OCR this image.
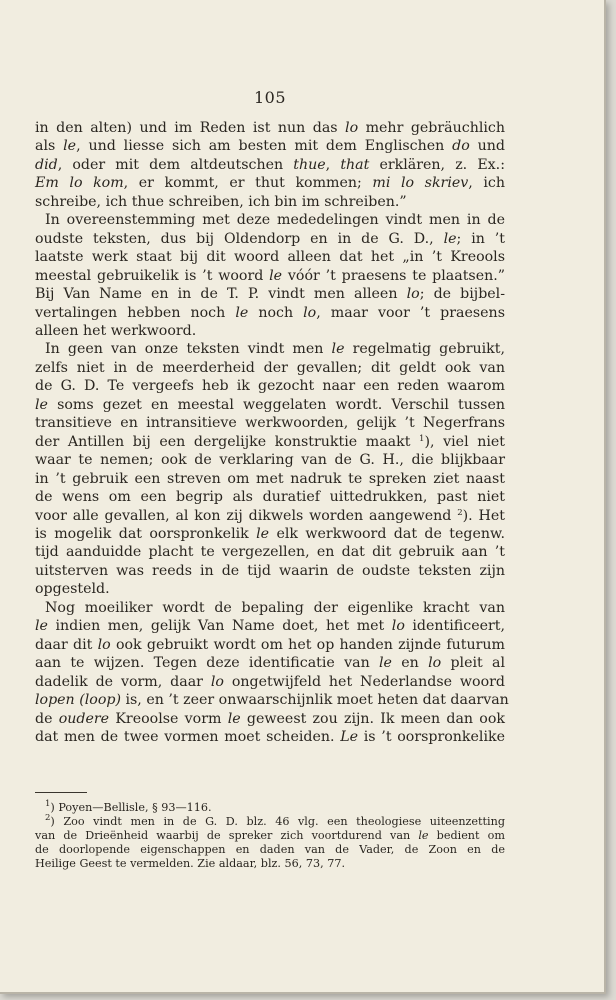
105
in den alten) und im Reden ist nun das lo mehr gebräuchlich
als le, und liesse sich am besten mit dem Englischen do und
did, oder mit dem altdeutschen thue, that erklären, z. Ex.:
Em lo kom, er kommt, er thut kommen; mi lo skriev, ich
schreibe, ich thue schreiben, ich bin im schreiben.”
In overeenstemming met deze mededelingen vindt men in de
oudste teksten, dus bij Oldendorp en in de G. D., le; in ’t
laatste werk staat bij dit woord alleen dat het „in ’t Kreools
meestal gebruikelik is ’t woord le vóór ’t praesens te plaatsen.”
Bij Van Name en in de T. P. vindt men alleen lo; de bijbel-
vertalingen hebben noch le noch lo, maar voor ’t praesens
alleen het werkwoord.
In geen van onze teksten vindt men le regelmatig gebruikt,
zelfs niet in de meerderheid der gevallen; dit geldt ook van
de G. D. Te vergeefs heb ik gezocht naar een reden waarom
le soms gezet en meestal weggelaten wordt. Verschil tussen
transitieve en intransitieve werkwoorden, gelijk ’t Negerfrans
der Antillen bij een dergelijke konstruktie maakt $^1$), viel niet
waar te nemen; ook de verklaring van de G. H., die blijkbaar
in ’t gebruik een streven om met nadruk te spreken ziet naast
de wens om een begrip als duratief uittedrukken, past niet
voor alle gevallen, al kon zij dikwels worden aangewend $^2$). Het
is mogelik dat oorspronkelik le elk werkwoord dat de tegenw.
tijd aanduidde placht te vergezellen, en dat dit gebruik aan ’t
uitsterven was reeds in de tijd waarin de oudste teksten zijn
opgesteld.
Nog moeiliker wordt de bepaling der eigenlike kracht van
le indien men, gelijk Van Name doet, het met lo identificeert,
daar dit lo ook gebruikt wordt om het op handen zijnde futurum
aan te wijzen. Tegen deze identificatie van le en lo pleit al
dadelik de vorm, daar lo ongetwijfeld het Nederlandse woord
lopen (loop) is, en ’t zeer onwaarschijnlik moet heten dat daarvan
de oudere Kreoolse vorm le geweest zou zijn. Ik meen dan ook
dat men de twee vormen moet scheiden. Le is ’t oorspronkelike
$^1$) Poyen—Bellisle, § 93—116.
$^2$) Zoo vindt men in de G. D. blz. 46 vlg. een theologiese uiteenzetting
van de Drieënheid waarbij de spreker zich voortdurend van le bedient om
de doorlopende eigenschappen en daden van de Vader, de Zoon en de
Heilige Geest te vermelden. Zie aldaar, blz. 56, 73, 77.
